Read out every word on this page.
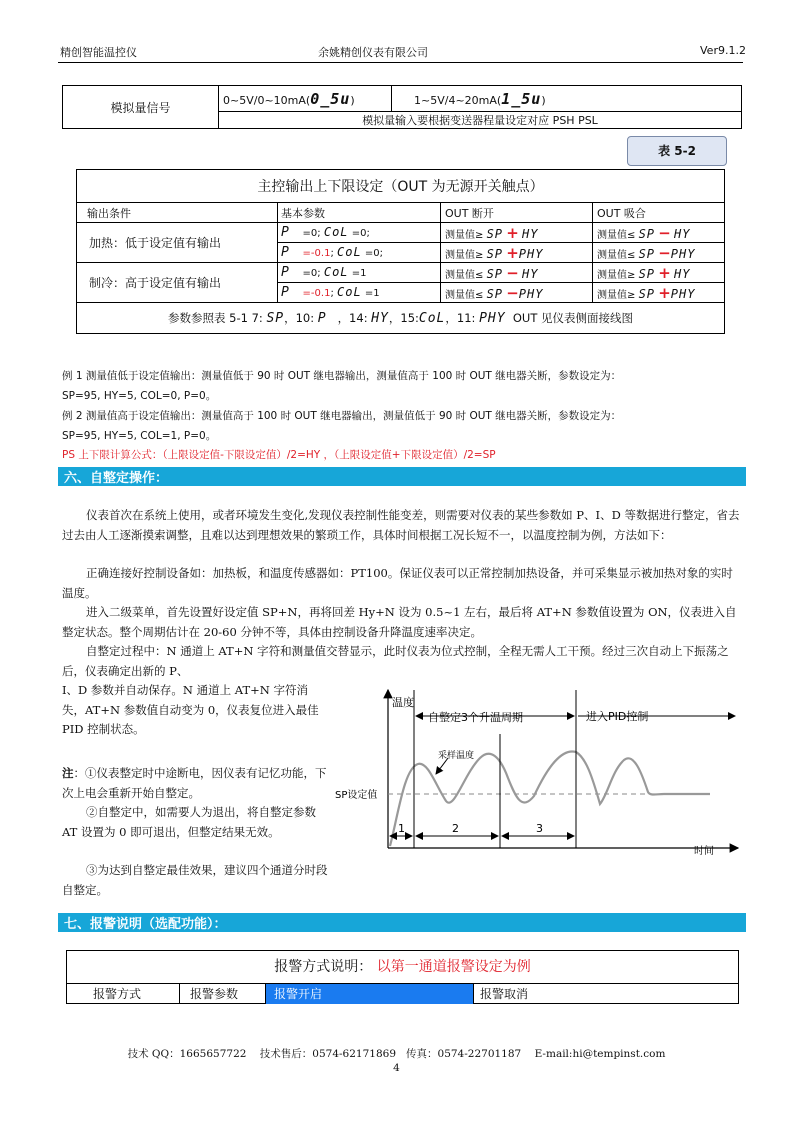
精创智能温控仪	余姚精创仪表有限公司	Ver9.1.2
模拟量信号	0~5V/0~10mA(0_5u)	1~5V/4~20mA(1_5u)
模拟量输入要根据变送器程量设定对应 PSH PSL
表 5-2
主控输出上下限设定（OUT 为无源开关触点）			
输出条件	基本参数	OUT 断开	OUT 吸合
加热：低于设定值有输出	P =0; CoL =0;	测量值≥ SP + HY	测量值≤ SP − HY
	P =-0.1; CoL =0;	测量值≥ SP +PHY	测量值≤ SP −PHY
制冷：高于设定值有输出	P =0; CoL =1	测量值≤ SP − HY	测量值≥ SP + HY
	P =-0.1; CoL =1	测量值≤ SP −PHY	测量值≥ SP +PHY
参数参照表 5-1 7: SP，10: P ，14: HY，15:CoL，11: PHY OUT 见仪表侧面接线图			
例 1 测量值低于设定值输出：测量值低于 90 时 OUT 继电器输出，测量值高于 100 时 OUT 继电器关断，参数设定为：
SP=95, HY=5, COL=0, P=0。
例 2 测量值高于设定值输出：测量值高于 100 时 OUT 继电器输出，测量值低于 90 时 OUT 继电器关断，参数设定为：
SP=95, HY=5, COL=1, P=0。
PS 上下限计算公式：（上限设定值-下限设定值）/2=HY ，（上限设定值+下限设定值）/2=SP
六、自整定操作：
仪表首次在系统上使用，或者环境发生变化,发现仪表控制性能变差，则需要对仪表的某些参数如 P、I、D 等数据进行整定，省去过去由人工逐渐摸索调整，且难以达到理想效果的繁琐工作，具体时间根据工况长短不一，以温度控制为例，方法如下：
正确连接好控制设备如：加热板，和温度传感器如：PT100。保证仪表可以正常控制加热设备，并可采集显示被加热对象的实时温度。
进入二级菜单，首先设置好设定值 SP+N，再将回差 Hy+N 设为 0.5~1 左右，最后将 AT+N 参数值设置为 ON，仪表进入自整定状态。整个周期估计在 20-60 分钟不等，具体由控制设备升降温度速率决定。
自整定过程中：N 通道上 AT+N 字符和测量值交替显示，此时仪表为位式控制，全程无需人工干预。经过三次自动上下振荡之后，仪表确定出新的 P、
I、D 参数并自动保存。N 通道上 AT+N 字符消失，AT+N 参数值自动变为 0，仪表复位进入最佳 PID 控制状态。
注：①仪表整定时中途断电，因仪表有记忆功能，下次上电会重新开始自整定。
②自整定中，如需要人为退出，将自整定参数 AT 设置为 0 即可退出，但整定结果无效。
③为达到自整定最佳效果，建议四个通道分时段自整定。
温度
自整定3个升温周期	进入PID控制
采样温度
SP设定值
1	2	3
时间
七、报警说明（选配功能）：
报警方式说明： 以第一通道报警设定为例
报警方式	报警参数	报警开启	报警取消
技术 QQ：1665657722    技术售后：0574-62171869   传真：0574-22701187    E-mail:hi@tempinst.com
4
